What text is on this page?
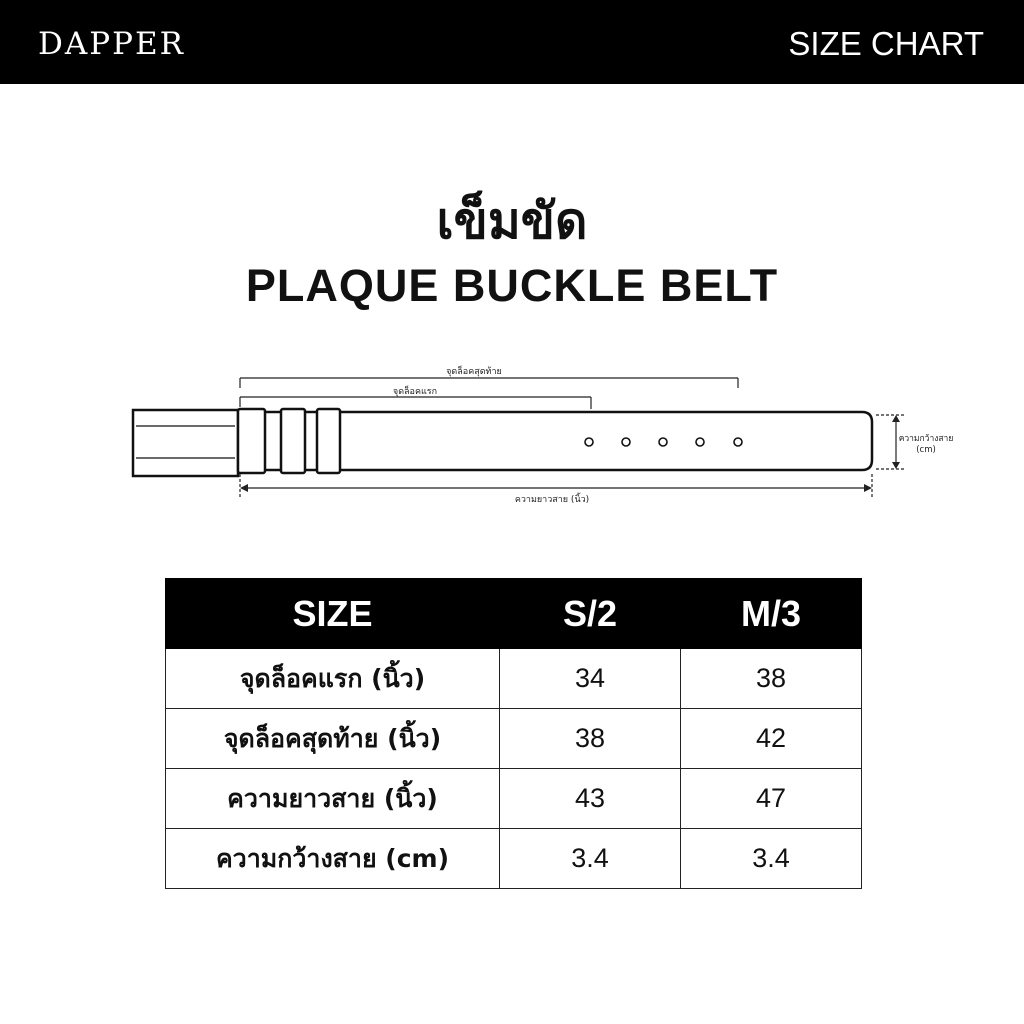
DAPPER	SIZE CHART
เข็มขัด
PLAQUE BUCKLE BELT
จุดล็อคสุดท้าย
จุดล็อคแรก
ความกว้างสาย
(cm)
ความยาวสาย (นิ้ว)
SIZE	S/2	M/3
จุดล็อคแรก (นิ้ว)	34	38
จุดล็อคสุดท้าย (นิ้ว)	38	42
ความยาวสาย (นิ้ว)	43	47
ความกว้างสาย (cm)	3.4	3.4
